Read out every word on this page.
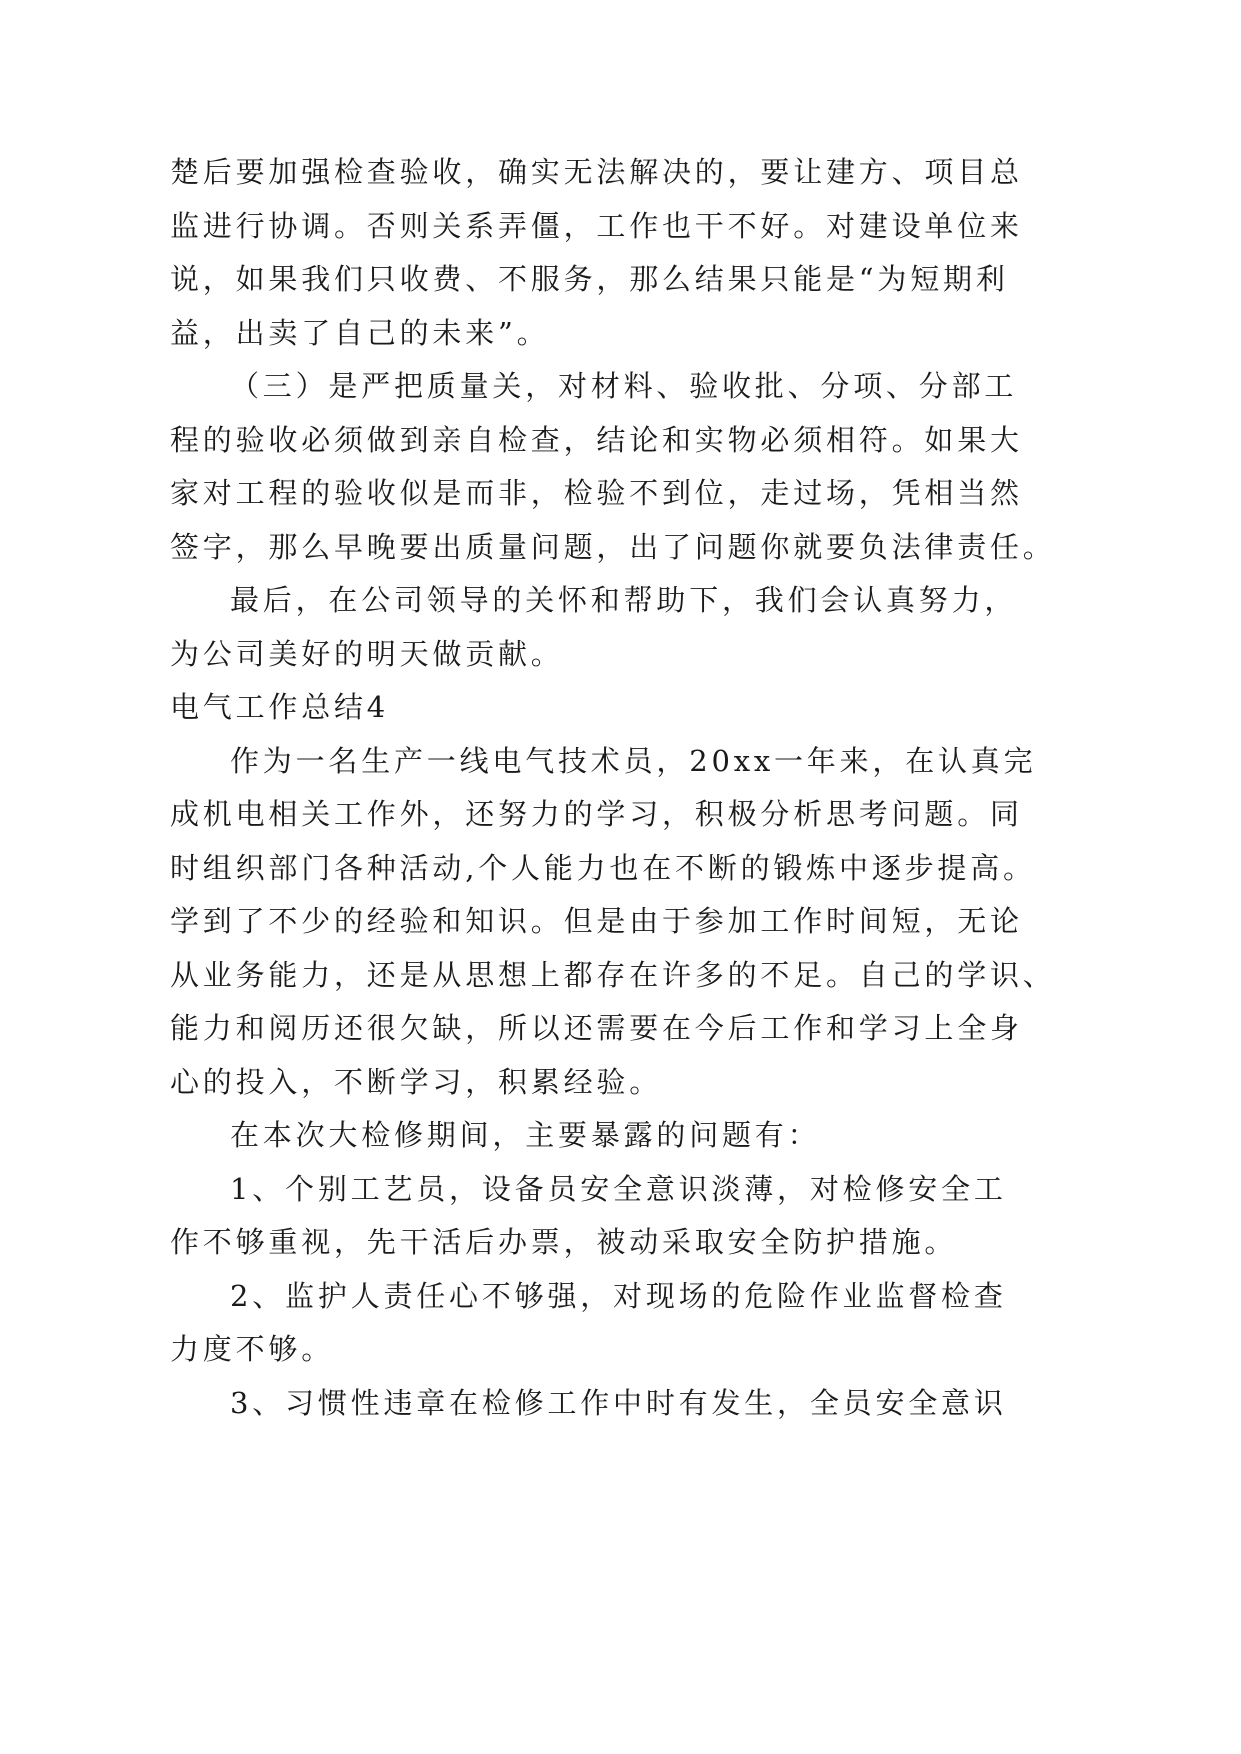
楚后要加强检查验收，确实无法解决的，要让建方、项目总
监进行协调。否则关系弄僵，工作也干不好。对建设单位来
说，如果我们只收费、不服务，那么结果只能是“为短期利
益，出卖了自己的未来”。
（三）是严把质量关，对材料、验收批、分项、分部工
程的验收必须做到亲自检查，结论和实物必须相符。如果大
家对工程的验收似是而非，检验不到位，走过场，凭相当然
签字，那么早晚要出质量问题，出了问题你就要负法律责任。
最后，在公司领导的关怀和帮助下，我们会认真努力，
为公司美好的明天做贡献。
电气工作总结4
作为一名生产一线电气技术员，20xx一年来，在认真完
成机电相关工作外，还努力的学习，积极分析思考问题。同
时组织部门各种活动,个人能力也在不断的锻炼中逐步提高。
学到了不少的经验和知识。但是由于参加工作时间短，无论
从业务能力，还是从思想上都存在许多的不足。自己的学识、
能力和阅历还很欠缺，所以还需要在今后工作和学习上全身
心的投入，不断学习，积累经验。
在本次大检修期间，主要暴露的问题有：
1、个别工艺员，设备员安全意识淡薄，对检修安全工
作不够重视，先干活后办票，被动采取安全防护措施。
2、监护人责任心不够强，对现场的危险作业监督检查
力度不够。
3、习惯性违章在检修工作中时有发生，全员安全意识
